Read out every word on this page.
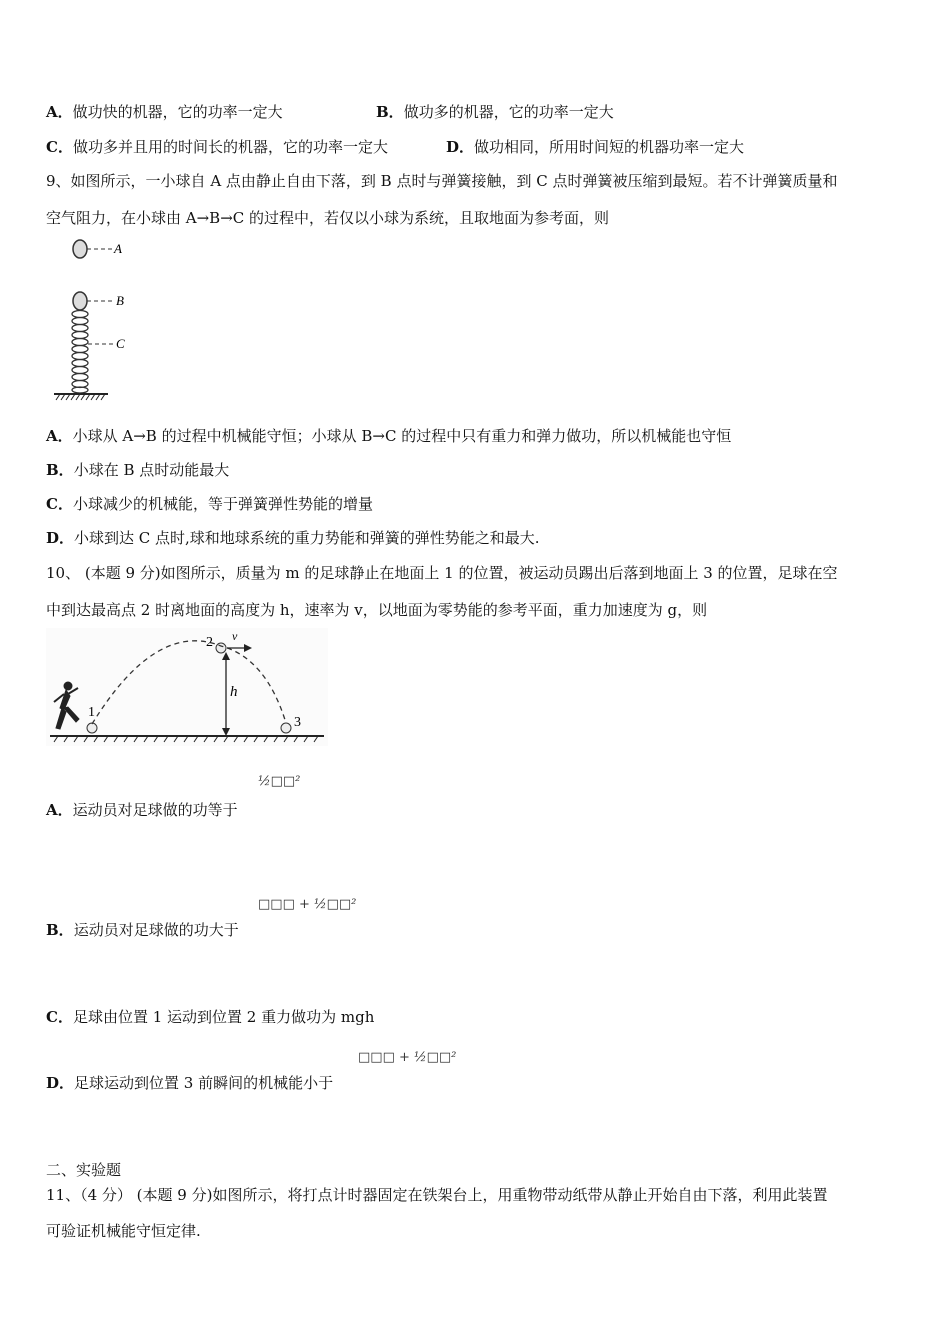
A．做功快的机器，它的功率一定大	B．做功多的机器，它的功率一定大
C．做功多并且用的时间长的机器，它的功率一定大	D．做功相同，所用时间短的机器功率一定大
9、如图所示，一小球自 A 点由静止自由下落，到 B 点时与弹簧接触，到 C 点时弹簧被压缩到最短。若不计弹簧质量和
空气阻力，在小球由 A→B→C 的过程中，若仅以小球为系统，且取地面为参考面，则
A
B
C
A．小球从 A→B 的过程中机械能守恒；小球从 B→C 的过程中只有重力和弹力做功，所以机械能也守恒
B．小球在 B 点时动能最大
C．小球减少的机械能，等于弹簧弹性势能的增量
D．小球到达 C 点时,球和地球系统的重力势能和弹簧的弹性势能之和最大.
10、 (本题 9 分)如图所示，质量为 m 的足球静止在地面上 1 的位置，被运动员踢出后落到地面上 3 的位置，足球在空
中到达最高点 2 时离地面的高度为 h，速率为 v，以地面为零势能的参考平面，重力加速度为 g，则
1
2
3
h
v
A．运动员对足球做的功等于
½□□²
B．运动员对足球做的功大于
□□□ + ½□□²
C．足球由位置 1 运动到位置 2 重力做功为 mgh
D．足球运动到位置 3 前瞬间的机械能小于
□□□ + ½□□²
二、实验题
11、（4 分） (本题 9 分)如图所示，将打点计时器固定在铁架台上，用重物带动纸带从静止开始自由下落，利用此装置
可验证机械能守恒定律.
